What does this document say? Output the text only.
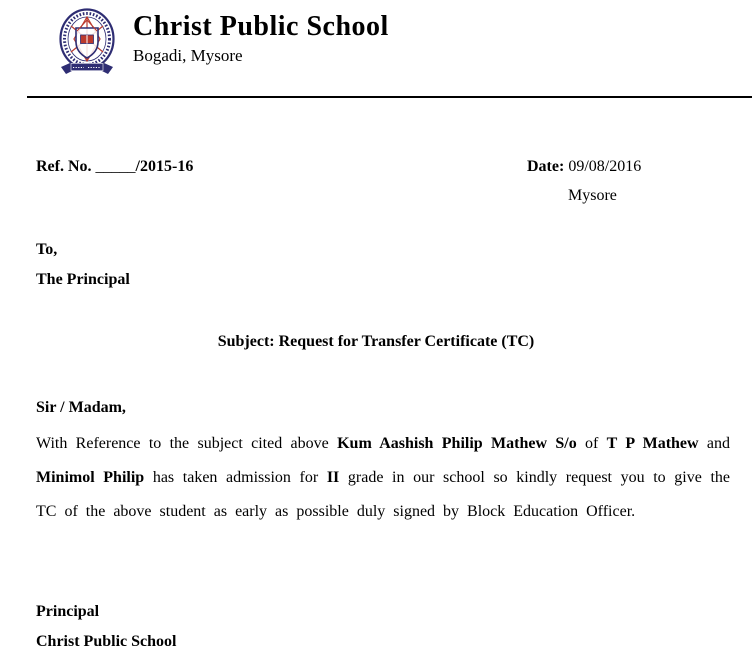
Christ Public School
Bogadi, Mysore
Ref. No. _____/2015-16	Date: 09/08/2016
Mysore
To,
The Principal
Subject: Request for Transfer Certificate (TC)
Sir / Madam,

With Reference to the subject cited above Kum Aashish Philip Mathew S/o of T P Mathew and Minimol Philip has taken admission for II grade in our school so kindly request you to give the TC of the above student as early as possible duly signed by Block Education Officer.

Principal
Christ Public School
